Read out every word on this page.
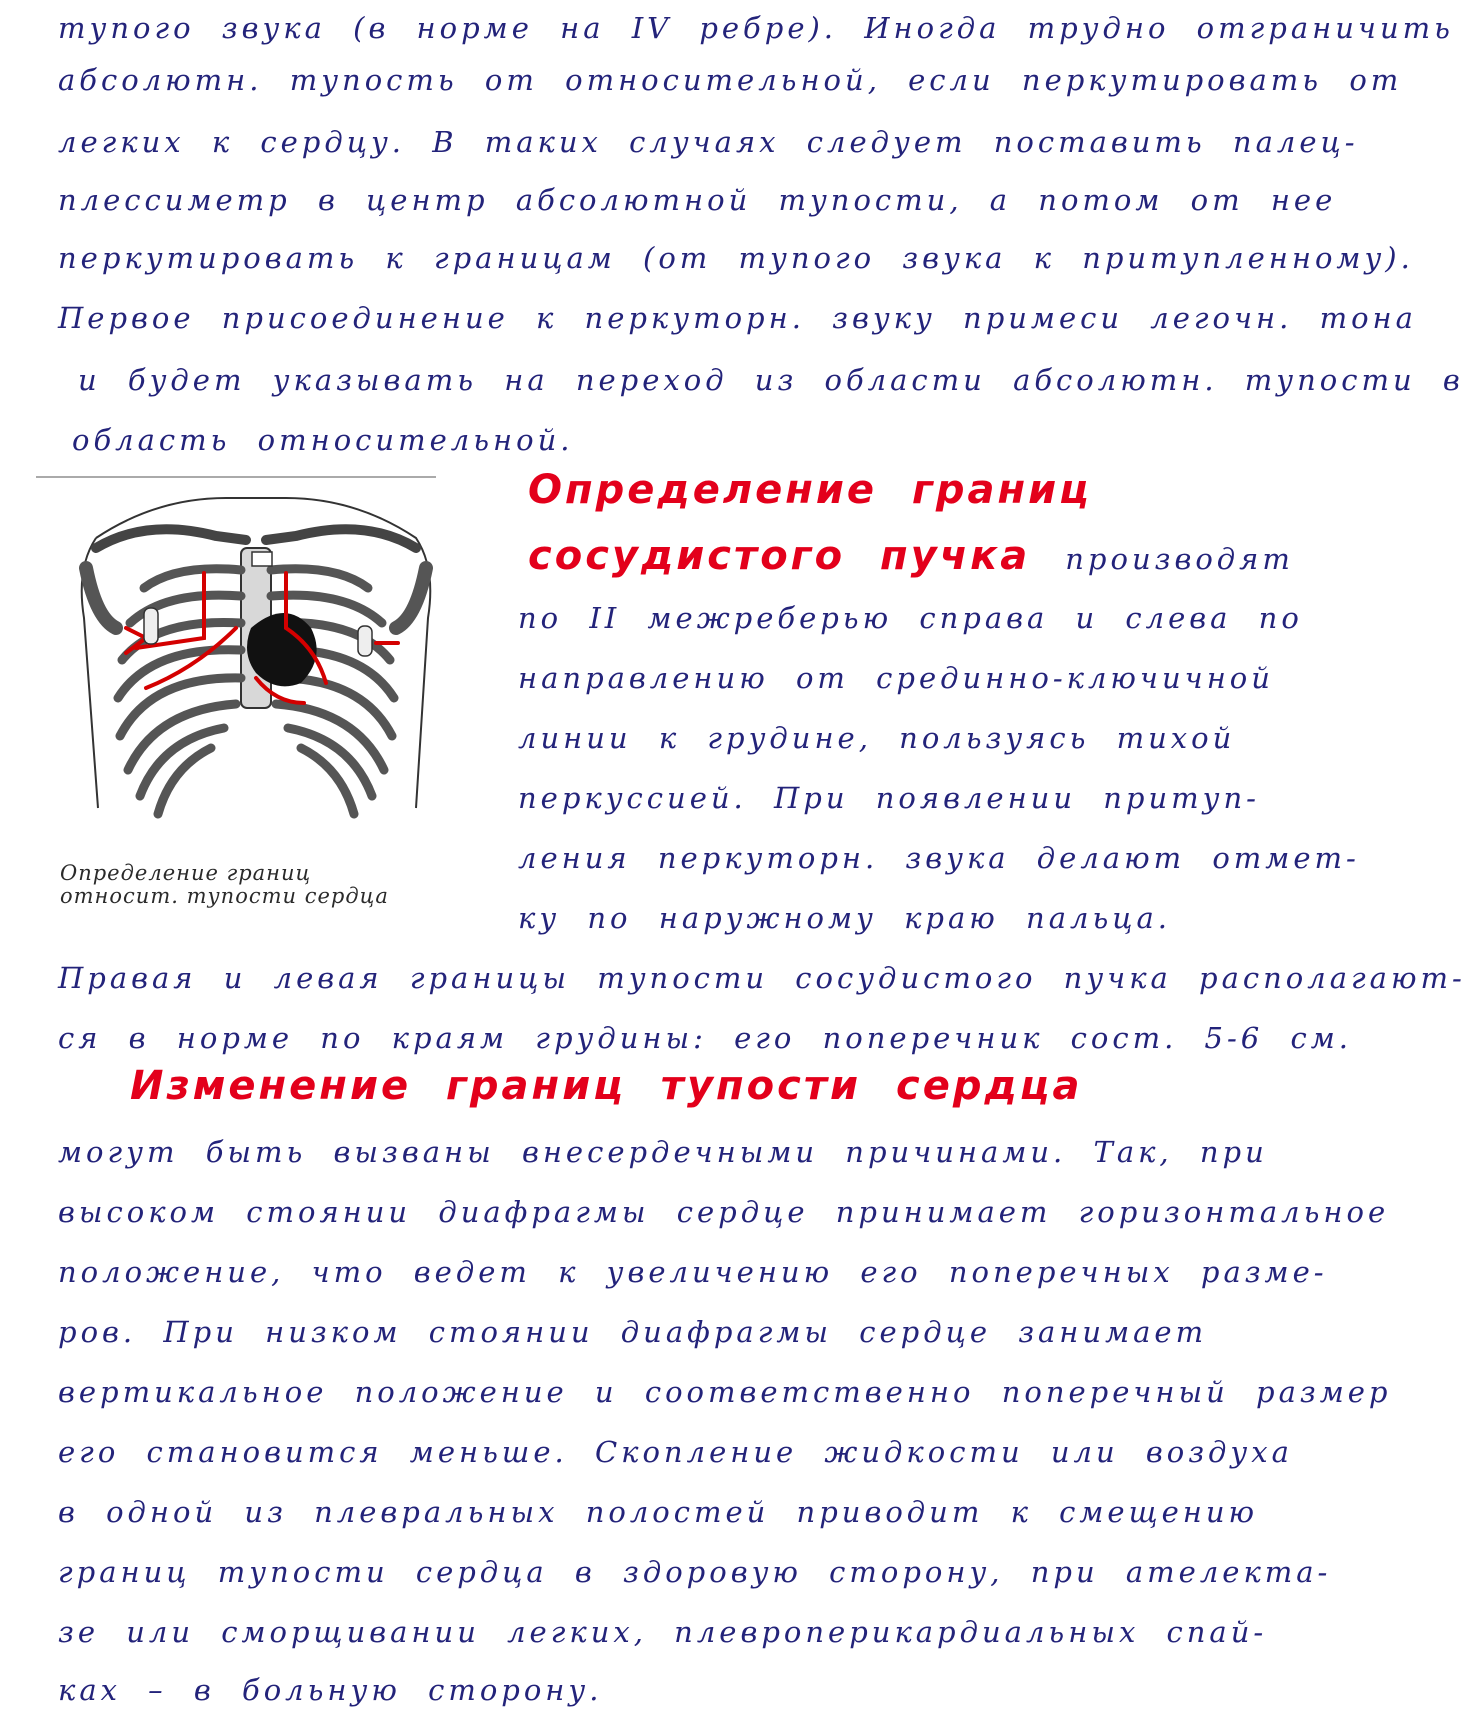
тупого звука (в норме на IV ребре). Иногда трудно отграничить
абсолютн. тупость от относительной, если перкутировать от
легких к сердцу. В таких случаях следует поставить палец-
плессиметр в центр абсолютной тупости, а потом от нее
перкутировать к границам (от тупого звука к притупленному).
Первое присоединение к перкуторн. звуку примеси легочн. тона
и будет указывать на переход из области абсолютн. тупости в
область относительной.
Определение границ
сосудистого пучка производят
по II межреберью справа и слева по
направлению от срединно-ключичной
линии к грудине, пользуясь тихой
перкуссией. При появлении притуп-
ления перкуторн. звука делают отмет-
ку по наружному краю пальца.
Определение границ
относит. тупости сердца
Правая и левая границы тупости сосудистого пучка располагают-
ся в норме по краям грудины: его поперечник сост. 5-6 см.
Изменение границ тупости сердца
могут быть вызваны внесердечными причинами. Так, при
высоком стоянии диафрагмы сердце принимает горизонтальное
положение, что ведет к увеличению его поперечных разме-
ров. При низком стоянии диафрагмы сердце занимает
вертикальное положение и соответственно поперечный размер
его становится меньше. Скопление жидкости или воздуха
в одной из плевральных полостей приводит к смещению
границ тупости сердца в здоровую сторону, при ателекта-
зе или сморщивании легких, плевроперикардиальных спай-
ках – в больную сторону.
